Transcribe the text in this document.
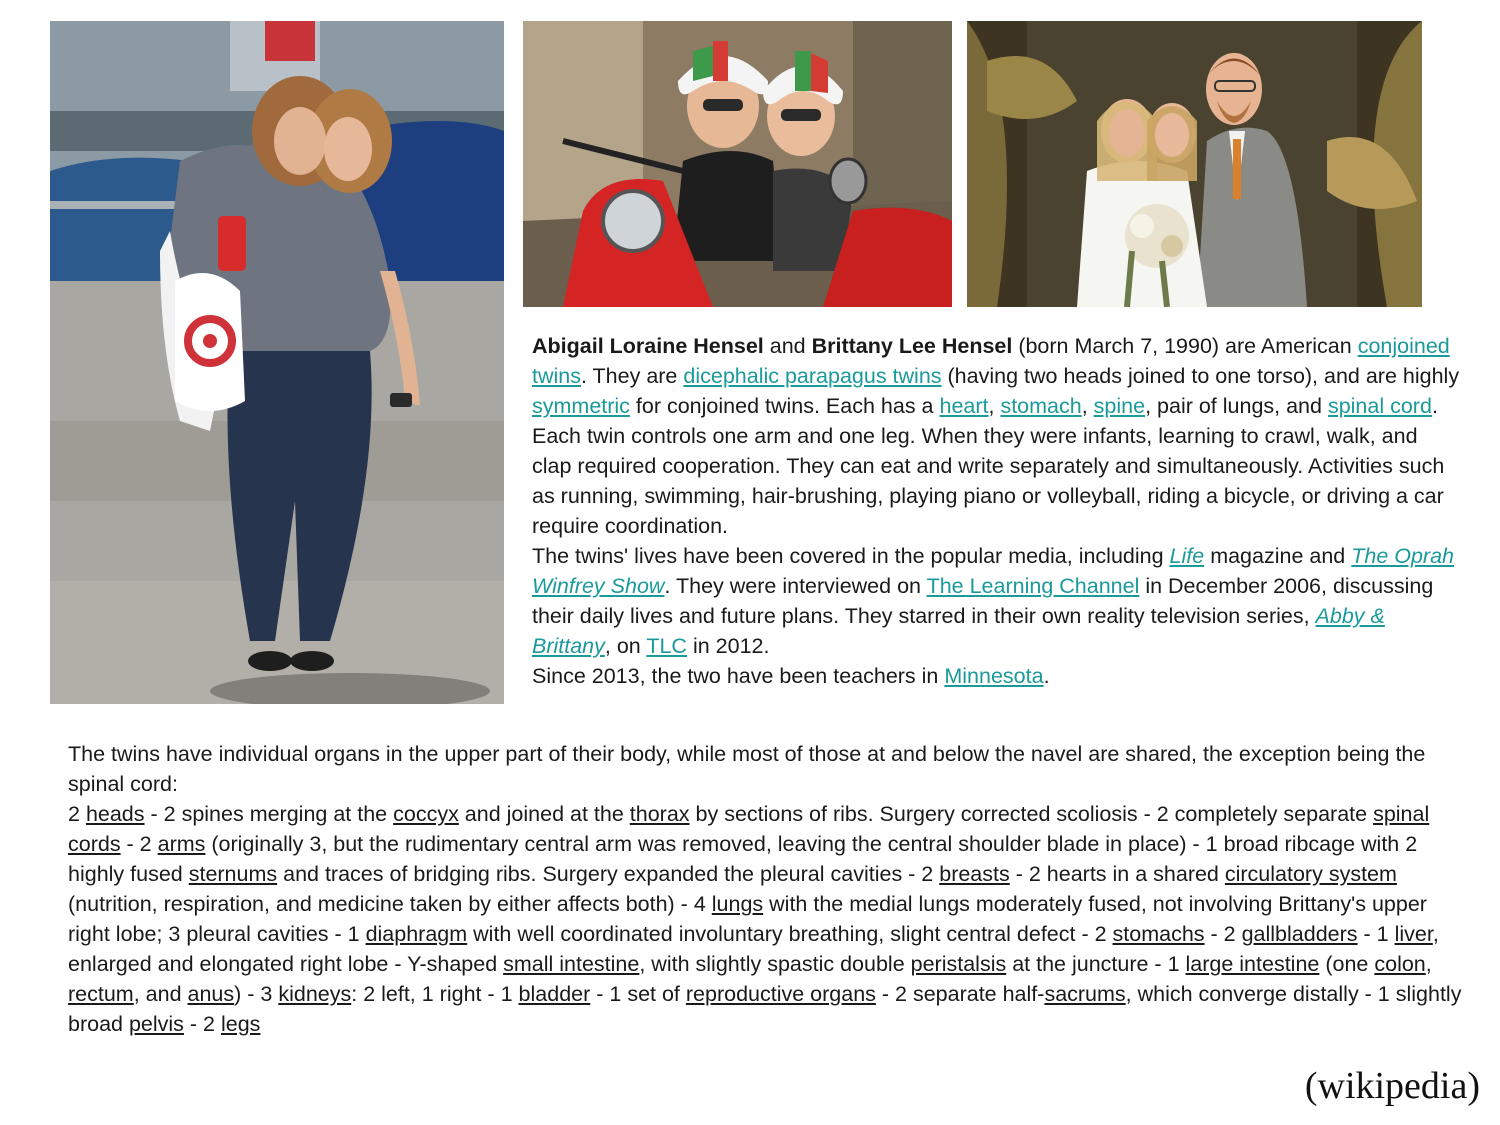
Abigail Loraine Hensel and Brittany Lee Hensel (born March 7, 1990) are American conjoined twins. They are dicephalic parapagus twins (having two heads joined to one torso), and are highly symmetric for conjoined twins. Each has a heart, stomach, spine, pair of lungs, and spinal cord. Each twin controls one arm and one leg. When they were infants, learning to crawl, walk, and clap required cooperation. They can eat and write separately and simultaneously. Activities such as running, swimming, hair-brushing, playing piano or volleyball, riding a bicycle, or driving a car require coordination.

The twins' lives have been covered in the popular media, including Life magazine and The Oprah Winfrey Show. They were interviewed on The Learning Channel in December 2006, discussing their daily lives and future plans. They starred in their own reality television series, Abby & Brittany, on TLC in 2012.

Since 2013, the two have been teachers in Minnesota.

The twins have individual organs in the upper part of their body, while most of those at and below the navel are shared, the exception being the spinal cord:

2 heads - 2 spines merging at the coccyx and joined at the thorax by sections of ribs. Surgery corrected scoliosis - 2 completely separate spinal cords - 2 arms (originally 3, but the rudimentary central arm was removed, leaving the central shoulder blade in place) - 1 broad ribcage with 2 highly fused sternums and traces of bridging ribs. Surgery expanded the pleural cavities - 2 breasts - 2 hearts in a shared circulatory system (nutrition, respiration, and medicine taken by either affects both) - 4 lungs with the medial lungs moderately fused, not involving Brittany's upper right lobe; 3 pleural cavities - 1 diaphragm with well coordinated involuntary breathing, slight central defect - 2 stomachs - 2 gallbladders - 1 liver, enlarged and elongated right lobe - Y-shaped small intestine, with slightly spastic double peristalsis at the juncture - 1 large intestine (one colon, rectum, and anus) - 3 kidneys: 2 left, 1 right - 1 bladder - 1 set of reproductive organs - 2 separate half-sacrums, which converge distally - 1 slightly broad pelvis - 2 legs

(wikipedia)
